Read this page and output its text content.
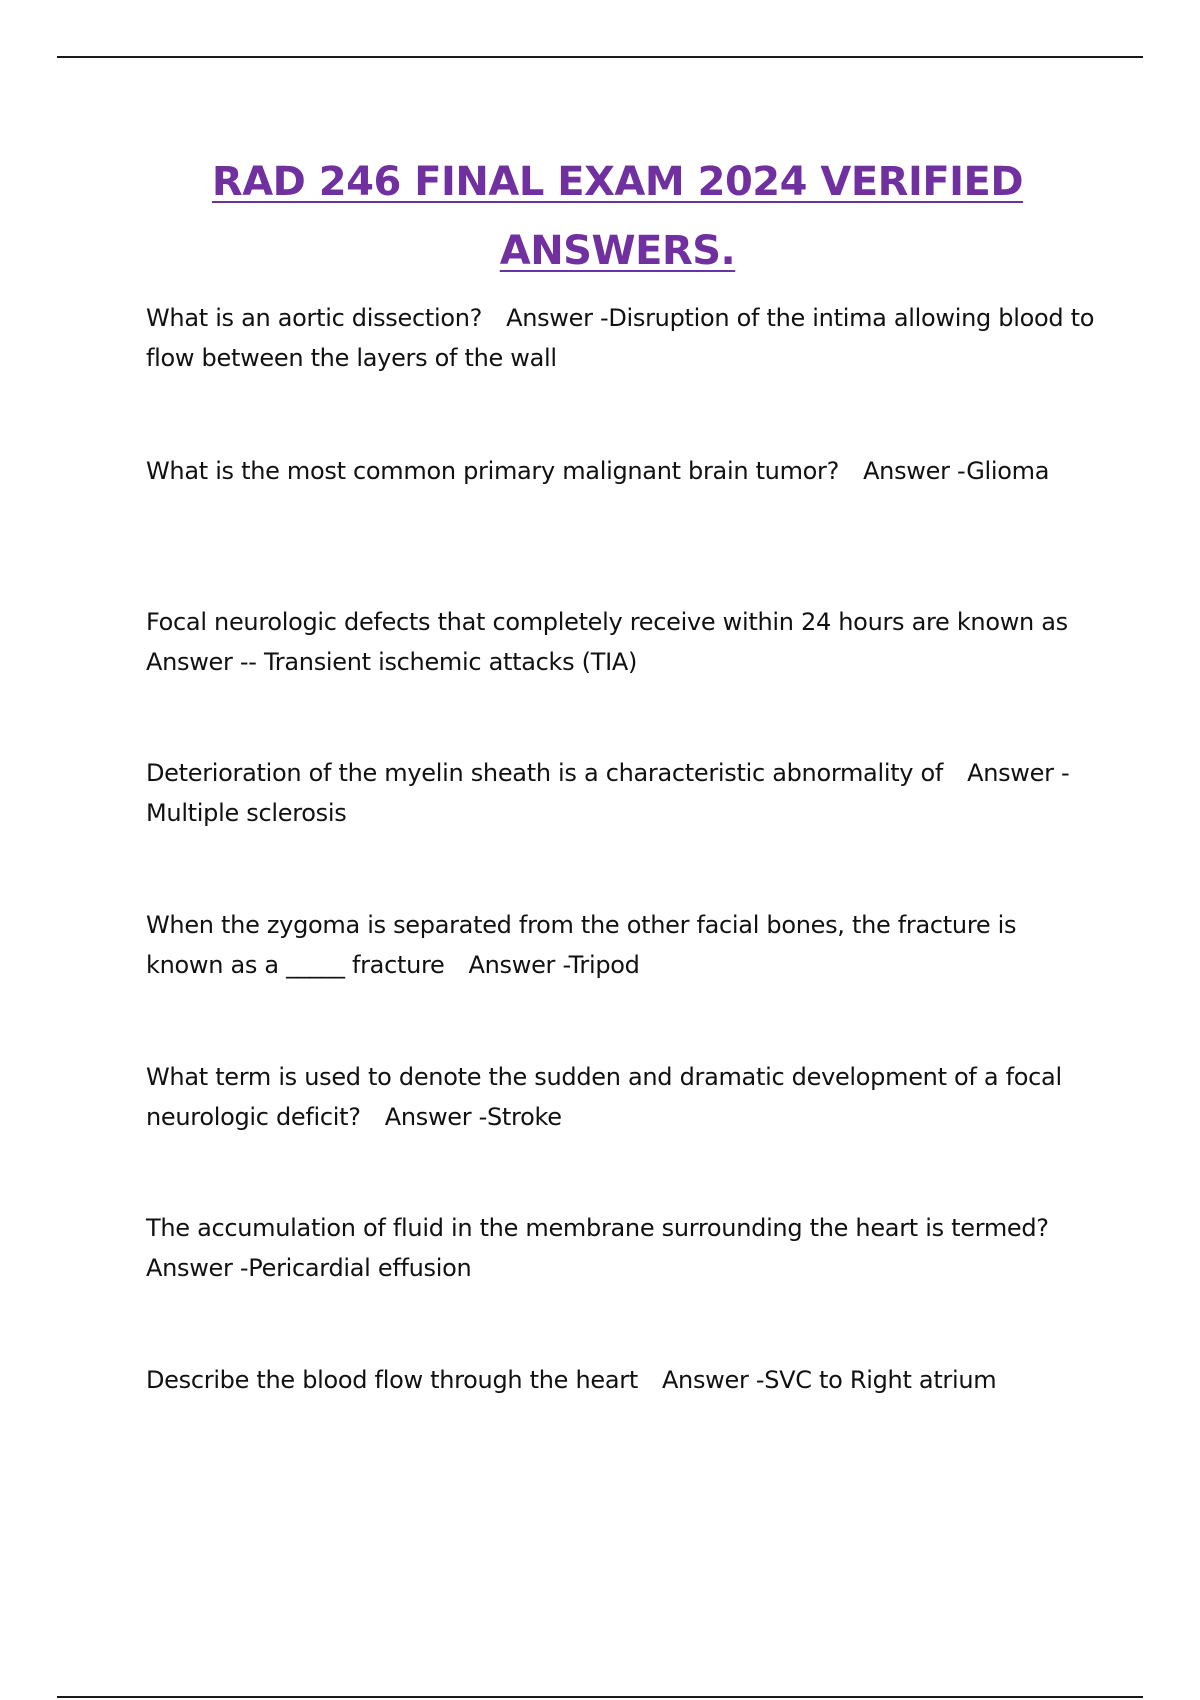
RAD 246 FINAL EXAM 2024 VERIFIED ANSWERS.

What is an aortic dissection? Answer -Disruption of the intima allowing blood to flow between the layers of the wall

What is the most common primary malignant brain tumor? Answer -Glioma

Focal neurologic defects that completely receive within 24 hours are known asAnswer -- Transient ischemic attacks (TIA)

Deterioration of the myelin sheath is a characteristic abnormality of Answer -Multiple sclerosis

When the zygoma is separated from the other facial bones, the fracture is known as a _____ fracture Answer -Tripod

What term is used to denote the sudden and dramatic development of a focal neurologic deficit? Answer -Stroke

The accumulation of fluid in the membrane surrounding the heart is termed?Answer -Pericardial effusion

Describe the blood flow through the heart Answer -SVC to Right atrium
